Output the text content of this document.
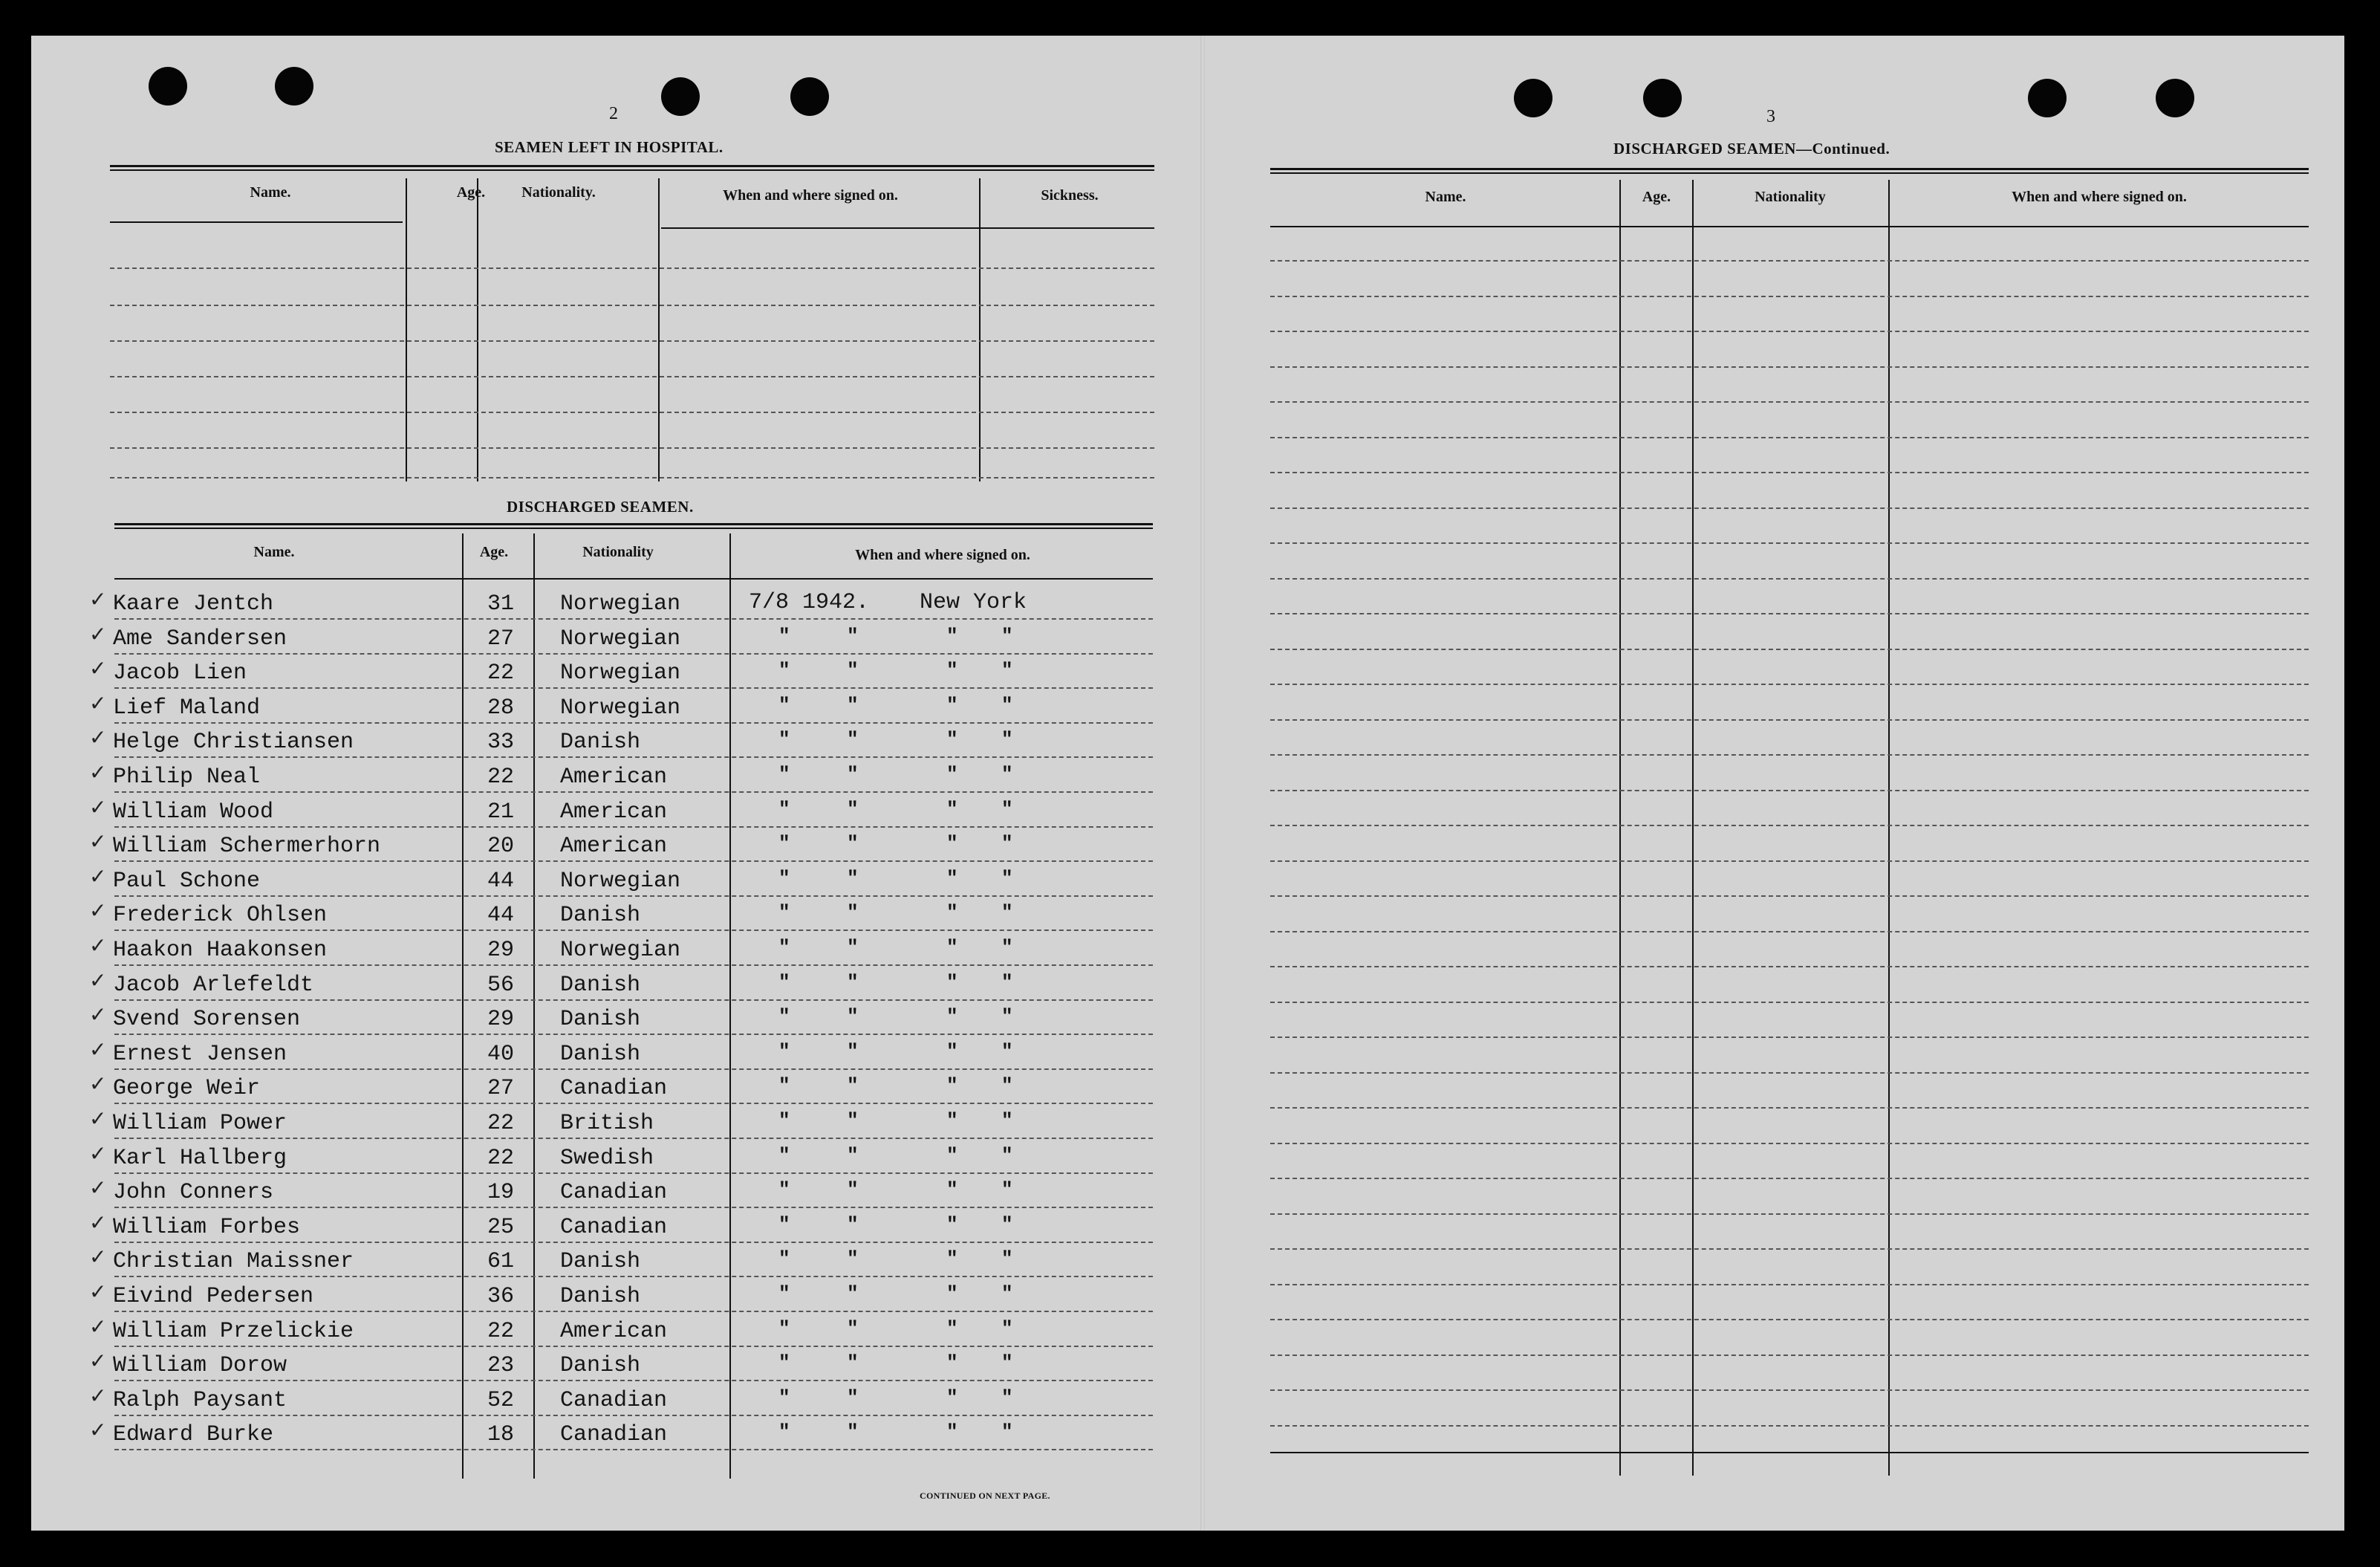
2
SEAMEN LEFT IN HOSPITAL.
Name.	Age.	Nationality.	When and where signed on.	Sickness.
DISCHARGED SEAMEN.
Name.	Age.	Nationality	When and where signed on.
✓ Kaare Jentch	31 Norwegian	7/8 1942. New York
✓ Ame Sandersen	27 Norwegian	"	"	" "
✓ Jacob Lien	22 Norwegian	"	"	" "
✓ Lief Maland	28 Norwegian	"	"	" "
✓ Helge Christiansen	33 Danish	"	"	" "
✓ Philip Neal	22 American	"	"	" "
✓ William Wood	21 American	"	"	" "
✓ William Schermerhorn	20 American	"	"	" "
✓ Paul Schone	44 Norwegian	"	"	" "
✓ Frederick Ohlsen	44 Danish	"	"	" "
✓ Haakon Haakonsen	29 Norwegian	"	"	" "
✓ Jacob Arlefeldt	56 Danish	"	"	" "
✓ Svend Sorensen	29 Danish	"	"	" "
✓ Ernest Jensen	40 Danish	"	"	" "
✓ George Weir	27 Canadian	"	"	" "
✓ William Power	22 British	"	"	" "
✓ Karl Hallberg	22 Swedish	"	"	" "
✓ John Conners	19 Canadian	"	"	" "
✓ William Forbes	25 Canadian	"	"	" "
✓ Christian Maissner	61 Danish	"	"	" "
✓ Eivind Pedersen	36 Danish	"	"	" "
✓ William Przelickie	22 American	"	"	" "
✓ William Dorow	23 Danish	"	"	" "
✓ Ralph Paysant	52 Canadian	"	"	" "
✓ Edward Burke	18 Canadian	"	"	" "
CONTINUED ON NEXT PAGE.
3
DISCHARGED SEAMEN—Continued.
Name.	Age.	Nationality	When and where signed on.
